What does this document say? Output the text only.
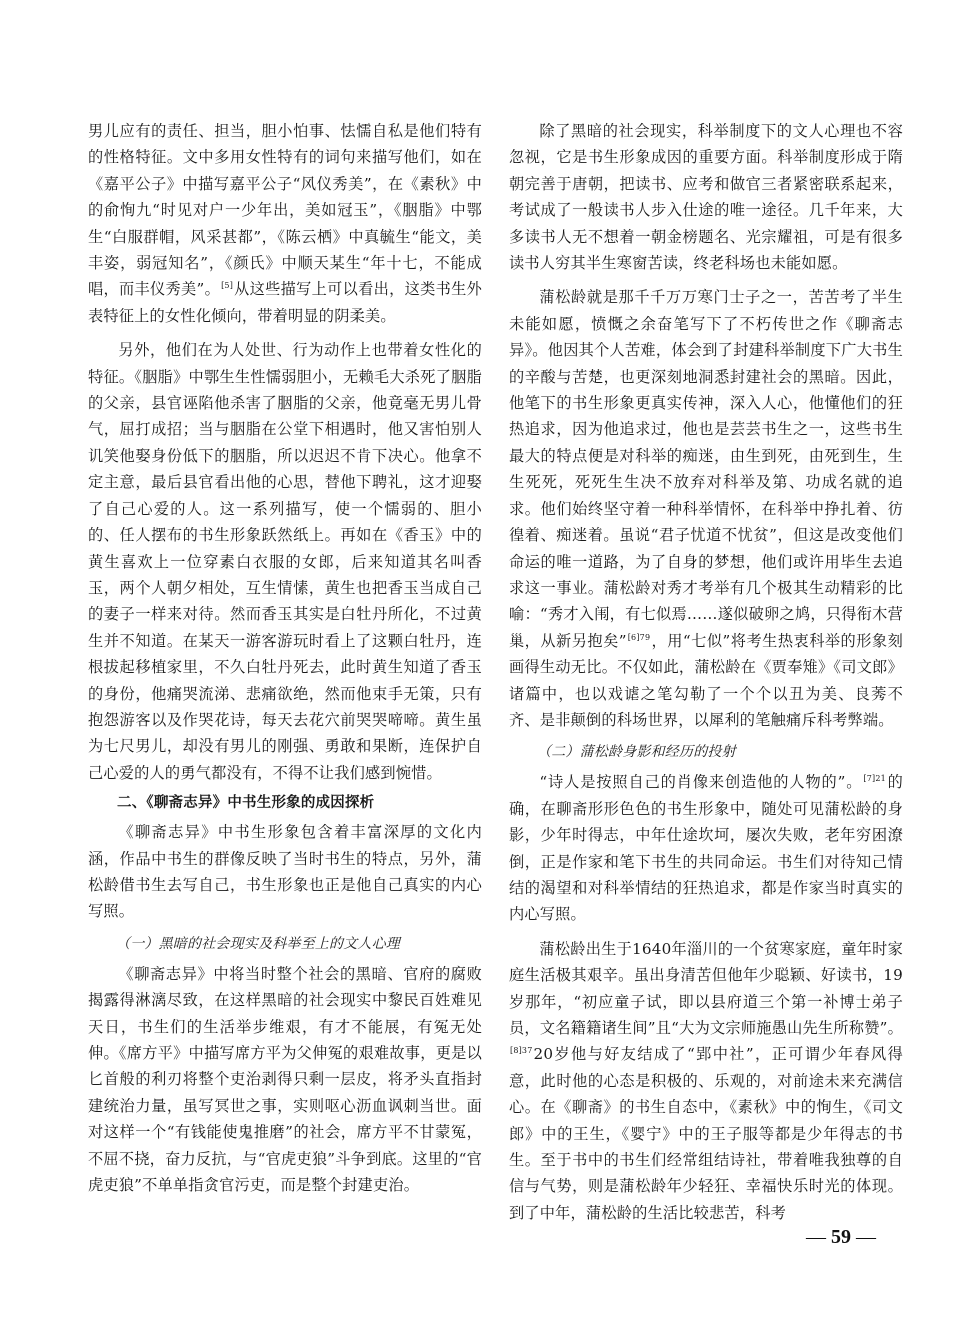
男儿应有的责任、担当，胆小怕事、怯懦自私是他们特有的性格特征。文中多用女性特有的词句来描写他们，如在《嘉平公子》中描写嘉平公子“风仪秀美”，在《素秋》中的俞恂九“时见对户一少年出，美如冠玉”，《胭脂》中鄂生“白服群帽，风采甚都”，《陈云栖》中真毓生“能文，美丰姿，弱冠知名”，《颜氏》中顺天某生“年十七，不能成唱，而丰仪秀美”。[5]从这些描写上可以看出，这类书生外表特征上的女性化倾向，带着明显的阴柔美。

另外，他们在为人处世、行为动作上也带着女性化的特征。《胭脂》中鄂生生性懦弱胆小，无赖毛大杀死了胭脂的父亲，县官诬陷他杀害了胭脂的父亲，他竟毫无男儿骨气，屈打成招；当与胭脂在公堂下相遇时，他又害怕别人讥笑他娶身份低下的胭脂，所以迟迟不肯下决心。他拿不定主意，最后县官看出他的心思，替他下聘礼，这才迎娶了自己心爱的人。这一系列描写，使一个懦弱的、胆小的、任人摆布的书生形象跃然纸上。再如在《香玉》中的黄生喜欢上一位穿素白衣服的女郎，后来知道其名叫香玉，两个人朝夕相处，互生情愫，黄生也把香玉当成自己的妻子一样来对待。然而香玉其实是白牡丹所化，不过黄生并不知道。在某天一游客游玩时看上了这颗白牡丹，连根拔起移植家里，不久白牡丹死去，此时黄生知道了香玉的身份，他痛哭流涕、悲痛欲绝，然而他束手无策，只有抱怨游客以及作哭花诗，每天去花穴前哭哭啼啼。黄生虽为七尺男儿，却没有男儿的刚强、勇敢和果断，连保护自己心爱的人的勇气都没有，不得不让我们感到惋惜。

二、《聊斋志异》中书生形象的成因探析

《聊斋志异》中书生形象包含着丰富深厚的文化内涵，作品中书生的群像反映了当时书生的特点，另外，蒲松龄借书生去写自己，书生形象也正是他自己真实的内心写照。

（一）黑暗的社会现实及科举至上的文人心理

《聊斋志异》中将当时整个社会的黑暗、官府的腐败揭露得淋漓尽致，在这样黑暗的社会现实中黎民百姓难见天日，书生们的生活举步维艰，有才不能展，有冤无处伸。《席方平》中描写席方平为父伸冤的艰难故事，更是以匕首般的利刃将整个吏治剥得只剩一层皮，将矛头直指封建统治力量，虽写冥世之事，实则呕心沥血讽刺当世。面对这样一个“有钱能使鬼推磨”的社会，席方平不甘蒙冤，不屈不挠，奋力反抗，与“官虎吏狼”斗争到底。这里的“官虎吏狼”不单单指贪官污吏，而是整个封建吏治。

除了黑暗的社会现实，科举制度下的文人心理也不容忽视，它是书生形象成因的重要方面。科举制度形成于隋朝完善于唐朝，把读书、应考和做官三者紧密联系起来，考试成了一般读书人步入仕途的唯一途径。几千年来，大多读书人无不想着一朝金榜题名、光宗耀祖，可是有很多读书人穷其半生寒窗苦读，终老科场也未能如愿。

蒲松龄就是那千千万万寒门士子之一，苦苦考了半生未能如愿，愤慨之余奋笔写下了不朽传世之作《聊斋志异》。他因其个人苦难，体会到了封建科举制度下广大书生的辛酸与苦楚，也更深刻地洞悉封建社会的黑暗。因此，他笔下的书生形象更真实传神，深入人心，他懂他们的狂热追求，因为他追求过，他也是芸芸书生之一，这些书生最大的特点便是对科举的痴迷，由生到死，由死到生，生生死死，死死生生决不放弃对科举及第、功成名就的追求。他们始终坚守着一种科举情怀，在科举中挣扎着、彷徨着、痴迷着。虽说“君子忧道不忧贫”，但这是改变他们命运的唯一道路，为了自身的梦想，他们或许用毕生去追求这一事业。蒲松龄对秀才考举有几个极其生动精彩的比喻：“秀才入闱，有七似焉……遂似破卵之鸠，只得衔木营巢，从新另抱矣”$^{[6]79}$，用“七似”将考生热衷科举的形象刻画得生动无比。不仅如此，蒲松龄在《贾奉雉》《司文郎》诸篇中，也以戏谑之笔勾勒了一个个以丑为美、良莠不齐、是非颠倒的科场世界，以犀利的笔触痛斥科考弊端。

（二）蒲松龄身影和经历的投射

“诗人是按照自己的肖像来创造他的人物的”。$^{[7]21}$的确，在聊斋形形色色的书生形象中，随处可见蒲松龄的身影，少年时得志，中年仕途坎坷，屡次失败，老年穷困潦倒，正是作家和笔下书生的共同命运。书生们对待知己情结的渴望和对科举情结的狂热追求，都是作家当时真实的内心写照。

蒲松龄出生于1640年淄川的一个贫寒家庭，童年时家庭生活极其艰辛。虽出身清苦但他年少聪颖、好读书，19岁那年，“初应童子试，即以县府道三个第一补博士弟子员，文名籍籍诸生间”且“大为文宗师施愚山先生所称赞”。$^{[8]37}$20岁他与好友结成了“郢中社”，正可谓少年春风得意，此时他的心态是积极的、乐观的，对前途未来充满信心。在《聊斋》的书生自态中，《素秋》中的恂生，《司文郎》中的王生，《婴宁》中的王子服等都是少年得志的书生。至于书中的书生们经常组结诗社，带着唯我独尊的自信与气势，则是蒲松龄年少轻狂、幸福快乐时光的体现。到了中年，蒲松龄的生活比较悲苦，科考

— 59 —
